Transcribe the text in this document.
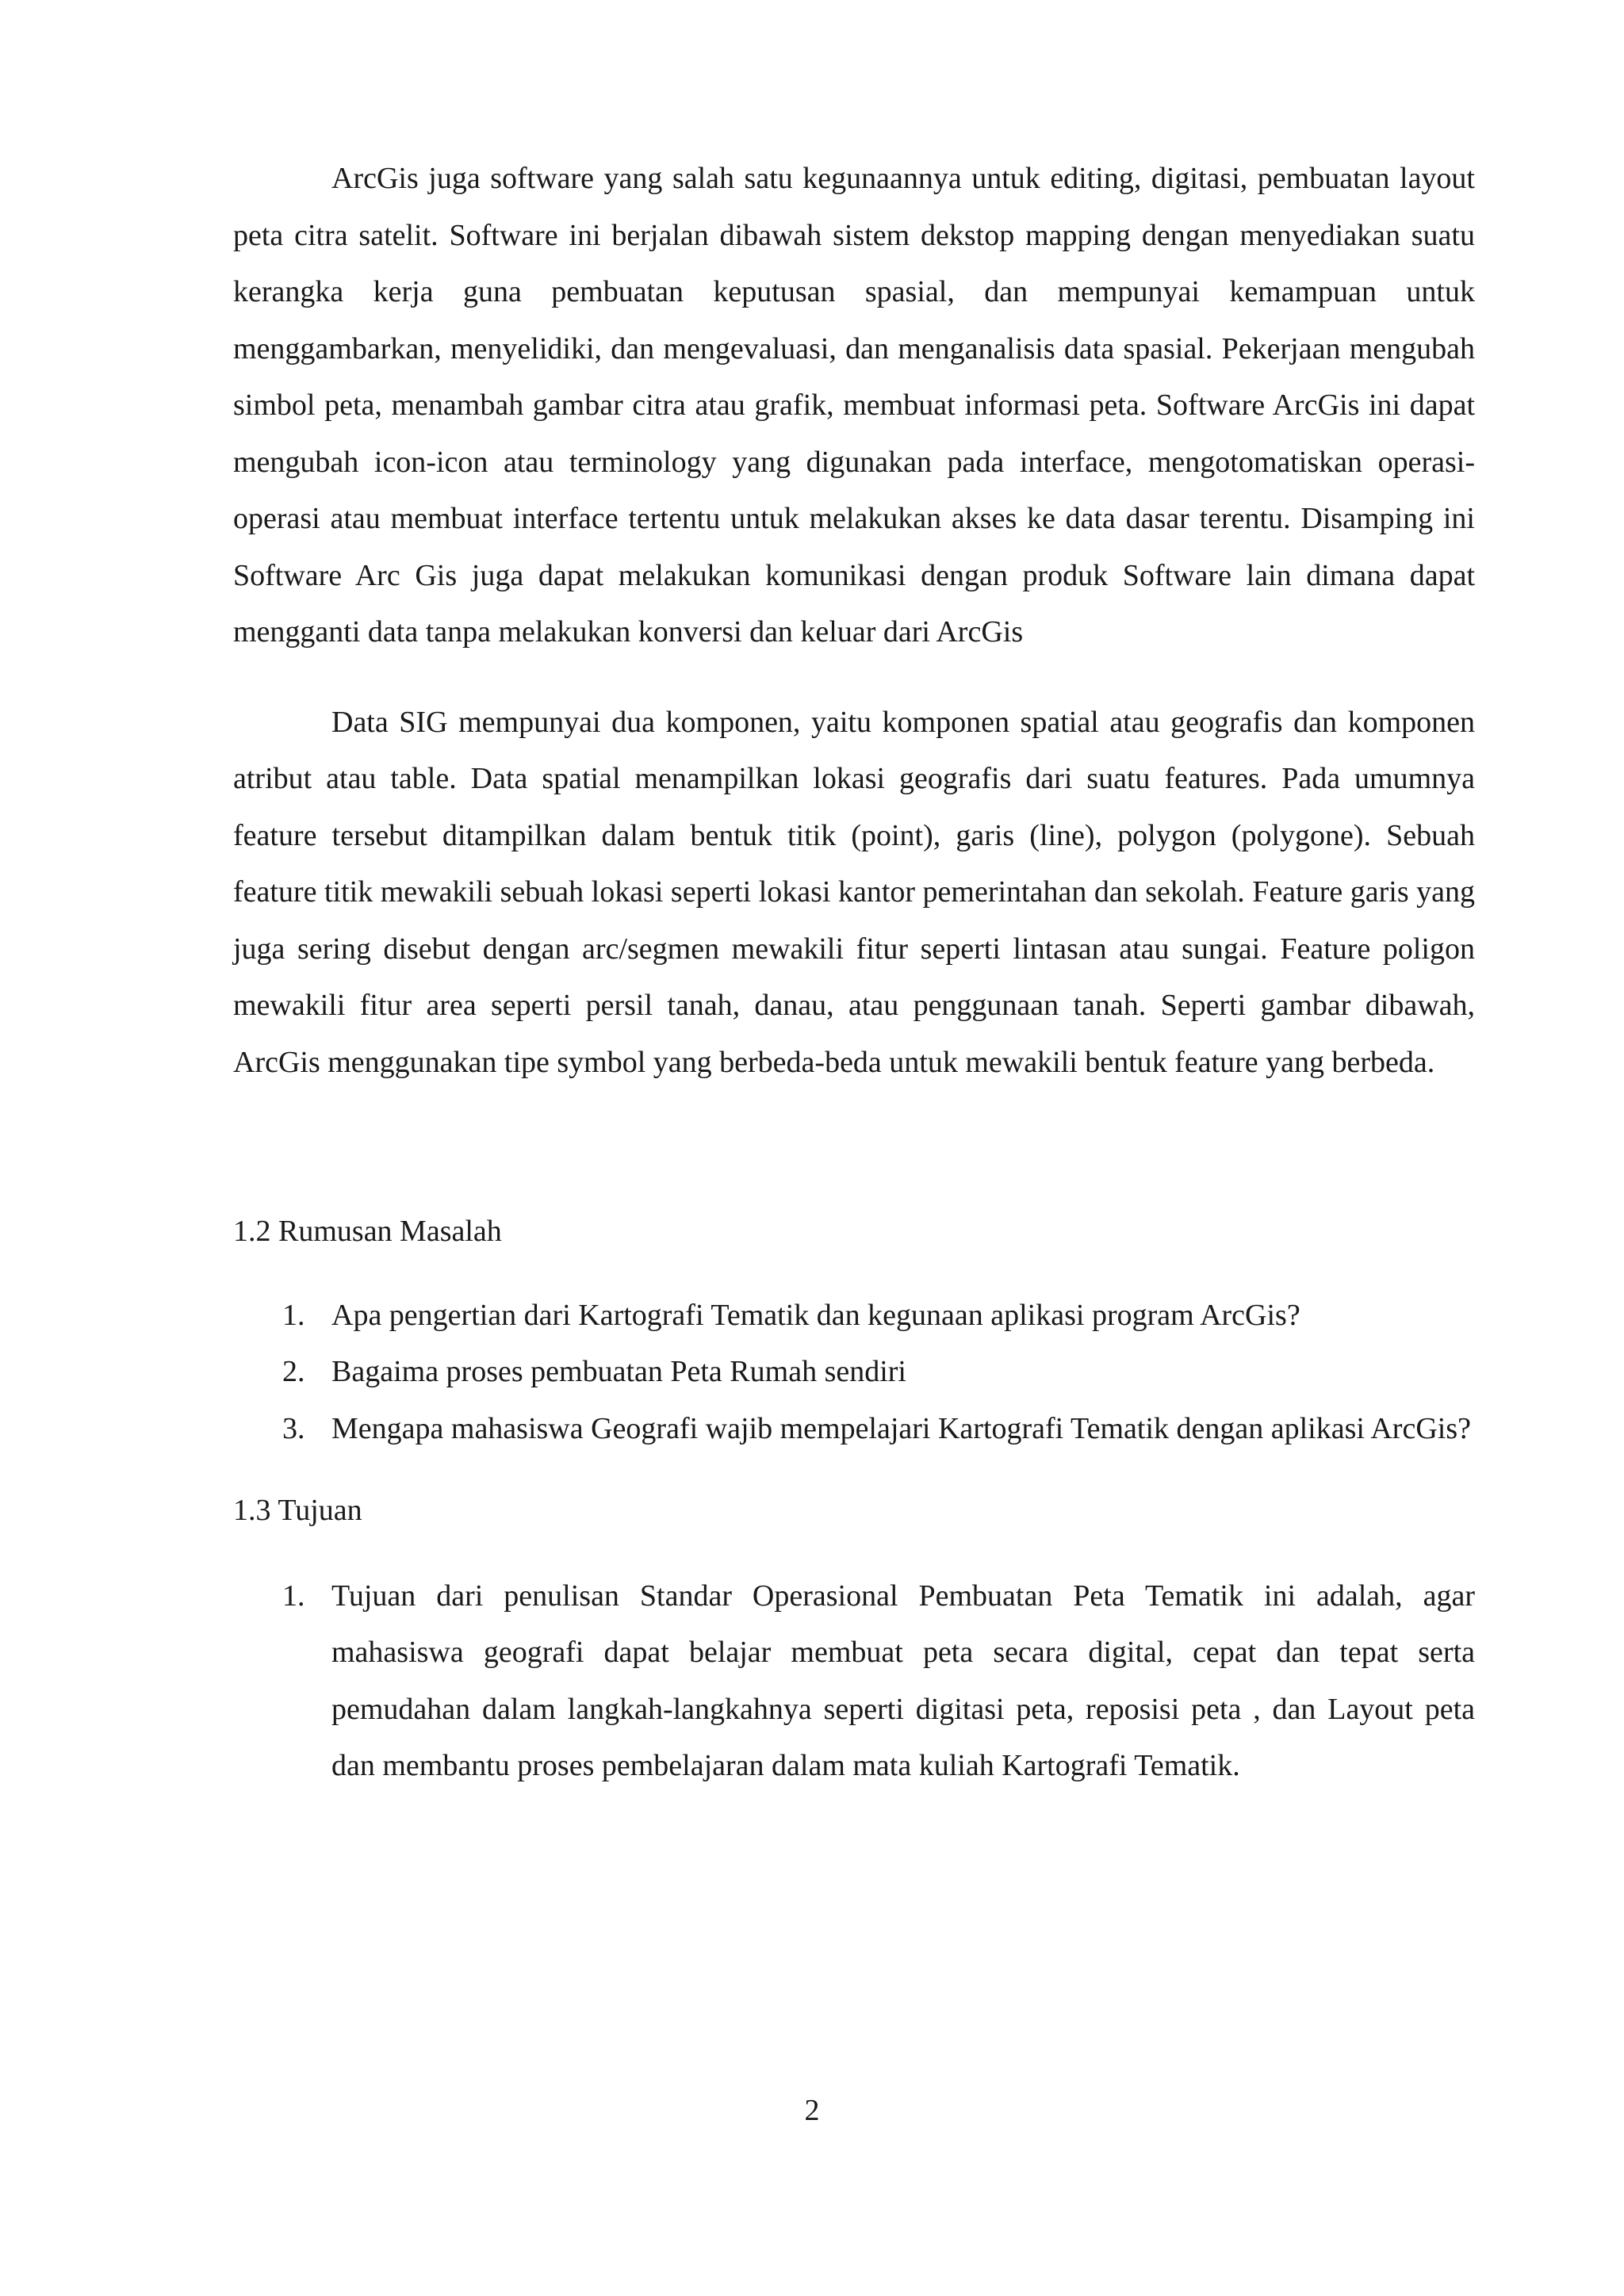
ArcGis juga software yang salah satu kegunaannya untuk editing, digitasi, pembuatan layout peta citra satelit. Software ini berjalan dibawah sistem dekstop mapping dengan menyediakan suatu kerangka kerja guna pembuatan keputusan spasial, dan mempunyai kemampuan untuk menggambarkan, menyelidiki, dan mengevaluasi, dan menganalisis data spasial. Pekerjaan mengubah simbol peta, menambah gambar citra atau grafik, membuat informasi peta. Software ArcGis ini dapat mengubah icon-icon atau terminology yang digunakan pada interface, mengotomatiskan operasi-operasi atau membuat interface tertentu untuk melakukan akses ke data dasar terentu. Disamping ini Software Arc Gis juga dapat melakukan komunikasi dengan produk Software lain dimana dapat mengganti data tanpa melakukan konversi dan keluar dari ArcGis

Data SIG mempunyai dua komponen, yaitu komponen spatial atau geografis dan komponen atribut atau table. Data spatial menampilkan lokasi geografis dari suatu features. Pada umumnya feature tersebut ditampilkan dalam bentuk titik (point), garis (line), polygon (polygone). Sebuah feature titik mewakili sebuah lokasi seperti lokasi kantor pemerintahan dan sekolah. Feature garis yang juga sering disebut dengan arc/segmen mewakili fitur seperti lintasan atau sungai. Feature poligon mewakili fitur area seperti persil tanah, danau, atau penggunaan tanah. Seperti gambar dibawah, ArcGis menggunakan tipe symbol yang berbeda-beda untuk mewakili bentuk feature yang berbeda.

1.2 Rumusan Masalah

1. Apa pengertian dari Kartografi Tematik dan kegunaan aplikasi program ArcGis?
2. Bagaima proses pembuatan Peta Rumah sendiri
3. Mengapa mahasiswa Geografi wajib mempelajari Kartografi Tematik dengan aplikasi ArcGis?

1.3 Tujuan

1. Tujuan dari penulisan Standar Operasional Pembuatan Peta Tematik ini adalah, agar mahasiswa geografi dapat belajar membuat peta secara digital, cepat dan tepat serta pemudahan dalam langkah-langkahnya seperti digitasi peta, reposisi peta , dan Layout peta dan membantu proses pembelajaran dalam mata kuliah Kartografi Tematik.
2
